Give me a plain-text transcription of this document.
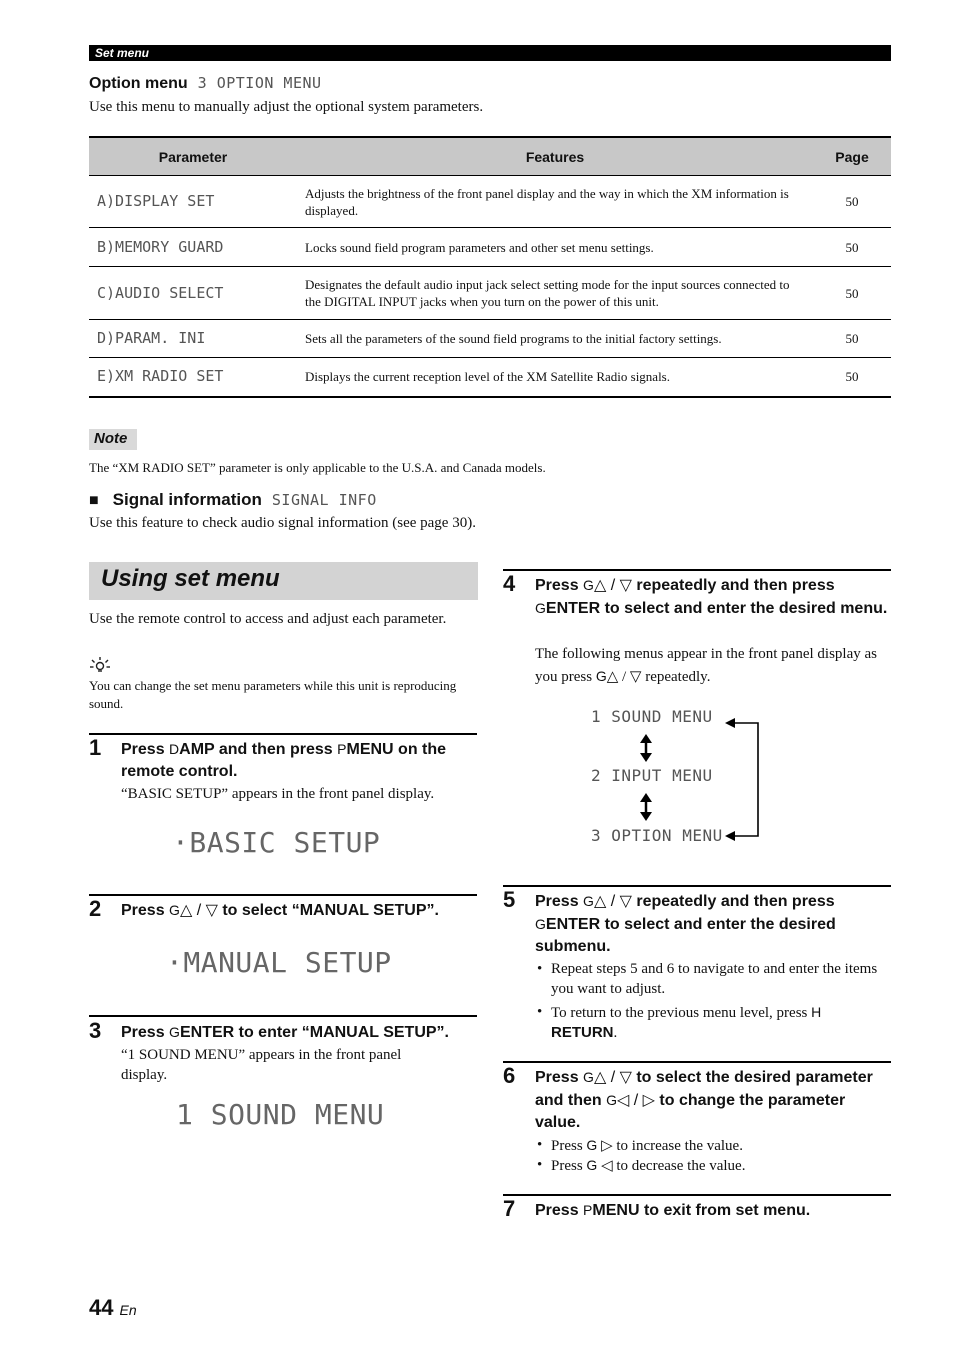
Set menu
Option menu 3 OPTION MENU
Use this menu to manually adjust the optional system parameters.
Parameter	Features	Page
A)DISPLAY SET	Adjusts the brightness of the front panel display and the way in which the XM information is displayed.	50
B)MEMORY GUARD	Locks sound field program parameters and other set menu settings.	50
C)AUDIO SELECT	Designates the default audio input jack select setting mode for the input sources connected to the DIGITAL INPUT jacks when you turn on the power of this unit.	50
D)PARAM. INI	Sets all the parameters of the sound field programs to the initial factory settings.	50
E)XM RADIO SET	Displays the current reception level of the XM Satellite Radio signals.	50
Note
The “XM RADIO SET” parameter is only applicable to the U.S.A. and Canada models.
■ Signal information SIGNAL INFO
Use this feature to check audio signal information (see page 30).
Using set menu
Use the remote control to access and adjust each parameter.
You can change the set menu parameters while this unit is reproducing sound.
1 Press DAMP and then press PMENU on the remote control.
“BASIC SETUP” appears in the front panel display.
·BASIC SETUP
2 Press G△ / ▽ to select “MANUAL SETUP”.
·MANUAL SETUP
3 Press GENTER to enter “MANUAL SETUP”.
“1 SOUND MENU” appears in the front panel display.
1 SOUND MENU
4 Press G△ / ▽ repeatedly and then press GENTER to select and enter the desired menu.
The following menus appear in the front panel display as you press G△ / ▽ repeatedly.
1 SOUND MENU
2 INPUT MENU
3 OPTION MENU
5 Press G△ / ▽ repeatedly and then press GENTER to select and enter the desired submenu.
• Repeat steps 5 and 6 to navigate to and enter the items you want to adjust.
• To return to the previous menu level, press H
RETURN.
6 Press G△ / ▽ to select the desired parameter and then G◁ / ▷ to change the parameter value.
• Press G ▷ to increase the value.
• Press G ◁ to decrease the value.
7 Press PMENU to exit from set menu.
44 En
